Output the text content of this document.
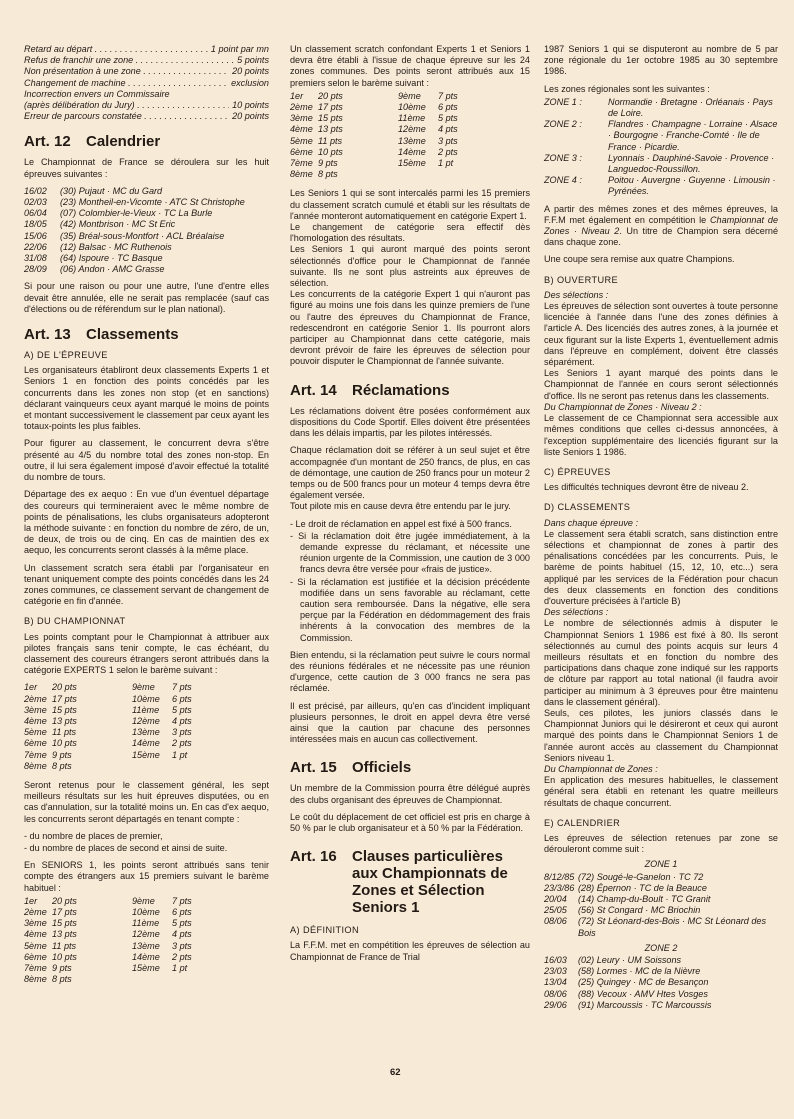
Retard au départ . . .	1 point par mn
Refus de franchir une zone . . .	5 points
Non présentation à une zone . . .	20 points
Changement de machine . . .	exclusion
Incorrection envers un Commissaire
(après délibération du Jury) . . .	10 points
Erreur de parcours constatée . . .	20 points
Art. 12 Calendrier

Le Championnat de France se déroulera sur les huit épreuves suivantes :

16/02	(30) Pujaut · MC du Gard
02/03	(23) Montheil-en-Vicomte · ATC St Christophe
06/04	(07) Colombier-le-Vieux · TC La Burle
18/05	(42) Montbrison · MC St Eric
15/06	(35) Bréal-sous-Montfort · ACL Bréalaise
22/06	(12) Balsac · MC Ruthenois
31/08	(64) Ispoure · TC Basque
28/09	(06) Andon · AMC Grasse

Si pour une raison ou pour une autre, l'une d'entre elles devait être annulée, elle ne serait pas remplacée (sauf cas d'élections ou de référendum sur le plan national).

Art. 13 Classements
A) DE L'ÉPREUVE

Les organisateurs établiront deux classements Experts 1 et Seniors 1 en fonction des points concédés par les concurrents dans les zones non stop (et en sanctions) déclarant vainqueurs ceux ayant marqué le moins de points et montant successivement le classement par ceux ayant les totaux-points les plus faibles.

Pour figurer au classement, le concurrent devra s'être présenté au 4/5 du nombre total des zones non-stop. En outre, il lui sera également imposé d'avoir effectué la totalité du nombre de tours.

Départage des ex aequo : En vue d'un éventuel départage des coureurs qui termineraient avec le même nombre de points de pénalisations, les clubs organisateurs adopteront la méthode suivante : en fonction du nombre de zéro, de un, de deux, de trois ou de cinq. En cas de maintien des ex aequo, les concurrents seront classés à la même place.

Un classement scratch sera établi par l'organisateur en tenant uniquement compte des points concédés dans les 24 zones communes, ce classement servant de changement de catégorie en fin d'année.

B) DU CHAMPIONNAT

Les points comptant pour le Championnat à attribuer aux pilotes français sans tenir compte, le cas échéant, du classement des coureurs étrangers seront attribués dans la catégorie EXPERTS 1 selon le barème suivant :

1er	20 pts	9ème	7 pts
2ème 17 pts	10ème	6 pts
3ème 15 pts	11ème	5 pts
4ème 13 pts	12ème	4 pts
5ème 11 pts	13ème	3 pts
6ème 10 pts	14ème	2 pts
7ème 9 pts	15ème	1 pt
8ème 8 pts

Seront retenus pour le classement général, les sept meilleurs résultats sur les huit épreuves disputées, ou en cas d'annulation, sur la totalité moins un. En cas d'ex aequo, les concurrents seront départagés en tenant compte :

- du nombre de places de premier,
- du nombre de places de second et ainsi de suite.

En SENIORS 1, les points seront attribués sans tenir compte des étrangers aux 15 premiers suivant le barème habituel :

1er	20 pts	9ème	7 pts
2ème 17 pts	10ème	6 pts
3ème 15 pts	11ème	5 pts
4ème 13 pts	12ème	4 pts
5ème 11 pts	13ème	3 pts
6ème 10 pts	14ème	2 pts
7ème 9 pts	15ème	1 pt
8ème 8 pts

Un classement scratch confondant Experts 1 et Seniors 1 devra être établi à l'issue de chaque épreuve sur les 24 zones communes. Des points seront attribués aux 15 premiers selon le barème suivant :

1er	20 pts	9ème	7 pts
2ème 17 pts	10ème	6 pts
3ème 15 pts	11ème	5 pts
4ème 13 pts	12ème	4 pts
5ème 11 pts	13ème	3 pts
6ème 10 pts	14ème	2 pts
7ème 9 pts	15ème	1 pt
8ème 8 pts

Les Seniors 1 qui se sont intercalés parmi les 15 premiers du classement scratch cumulé et établi sur les résultats de l'année monteront automatiquement en catégorie Expert 1.

Le changement de catégorie sera effectif dès l'homologation des résultats.

Les Seniors 1 qui auront marqué des points seront sélectionnés d'office pour le Championnat de l'année suivante. Ils ne sont plus astreints aux épreuves de sélection.

Les concurrents de la catégorie Expert 1 qui n'auront pas figuré au moins une fois dans les quinze premiers de l'une ou l'autre des épreuves du Championnat de France, redescendront en catégorie Senior 1. Ils pourront alors participer au Championnat dans cette catégorie, mais devront prévoir de faire les épreuves de sélection pour pouvoir disputer le Championnat de l'année suivante.

Art. 14 Réclamations

Les réclamations doivent être posées conformément aux dispositions du Code Sportif. Elles doivent être présentées dans les délais impartis, par les pilotes intéressés.

Chaque réclamation doit se référer à un seul sujet et être accompagnée d'un montant de 250 francs, de plus, en cas de démontage, une caution de 250 francs pour un moteur 2 temps ou de 500 francs pour un moteur 4 temps devra être également versée.

Tout pilote mis en cause devra être entendu par le jury.

- Le droit de réclamation en appel est fixé à 500 francs.
- Si la réclamation doit être jugée immédiatement, à la demande expresse du réclamant, et nécessite une réunion urgente de la Commission, une caution de 3 000 francs devra être versée pour «frais de justice».
- Si la réclamation est justifiée et la décision précédente modifiée dans un sens favorable au réclamant, cette caution sera remboursée. Dans la négative, elle sera perçue par la Fédération en dédommagement des frais inhérents à la convocation des membres de la Commission.

Bien entendu, si la réclamation peut suivre le cours normal des réunions fédérales et ne nécessite pas une réunion d'urgence, cette caution de 3 000 francs ne sera pas réclamée.

Il est précisé, par ailleurs, qu'en cas d'incident impliquant plusieurs personnes, le droit en appel devra être versé ainsi que la caution par chacune des personnes intéressées mais en aucun cas collectivement.

Art. 15 Officiels

Un membre de la Commission pourra être délégué auprès des clubs organisant des épreuves de Championnat.

Le coût du déplacement de cet officiel est pris en charge à 50 % par le club organisateur et à 50 % par la Fédération.

Art. 16	Clauses particulières aux Championnats de Zones et Sélection Seniors 1
A) DÉFINITION

La F.F.M. met en compétition les épreuves de sélection au Championnat de France de Trial

1987 Seniors 1 qui se disputeront au nombre de 5 par zone régionale du 1er octobre 1985 au 30 septembre 1986.

Les zones régionales sont les suivantes :

ZONE 1 :	Normandie · Bretagne · Orléanais · Pays de Loire.
ZONE 2 :	Flandres · Champagne · Lorraine · Alsace · Bourgogne · Franche-Comté · Ile de France · Picardie.
ZONE 3 :	Lyonnais · Dauphiné-Savoie · Provence · Languedoc-Roussillon.
ZONE 4 :	Poitou · Auvergne · Guyenne · Limousin · Pyrénées.

A partir des mêmes zones et des mêmes épreuves, la F.F.M met également en compétition le Championnat de Zones · Niveau 2. Un titre de Champion sera décerné dans chaque zone.

Une coupe sera remise aux quatre Champions.

B) OUVERTURE
Des sélections :

Les épreuves de sélection sont ouvertes à toute personne licenciée à l'année dans l'une des zones définies à l'article A. Des licenciés des autres zones, à la journée et ceux figurant sur la liste Experts 1, éventuellement admis dans l'épreuve en complément, doivent être classés séparément.

Les Seniors 1 ayant marqué des points dans le Championnat de l'année en cours seront sélectionnés d'office. Ils ne seront pas retenus dans les classements.

Du Championnat de Zones · Niveau 2 :

Le classement de ce Championnat sera accessible aux mêmes conditions que celles ci-dessus annoncées, à l'exception supplémentaire des licenciés figurant sur la liste Seniors 1 1986.

C) ÉPREUVES

Les difficultés techniques devront être de niveau 2.

D) CLASSEMENTS
Dans chaque épreuve :

Le classement sera établi scratch, sans distinction entre sélections et championnat de zones à partir des pénalisations concédées par les concurrents. Puis, le barème de points habituel (15, 12, 10, etc...) sera appliqué par les services de la Fédération pour chacun des deux classements en fonction des conditions d'ouverture précisées à l'article B)

Des sélections :

Le nombre de sélectionnés admis à disputer le Championnat Seniors 1 1986 est fixé à 80. Ils seront sélectionnés au cumul des points acquis sur leurs 4 meilleurs résultats et en fonction du nombre des participations dans chaque zone indiqué sur les rapports de clôture par rapport au total national (il faudra avoir participer au minimum à 3 épreuves pour être maintenu dans le classement général).

Seuls, ces pilotes, les juniors classés dans le Championnat Juniors qui le désireront et ceux qui auront marqué des points dans le Championnat Seniors 1 de l'année auront accès au classement du Championnat Seniors niveau 1.

Du Championnat de Zones :

En application des mesures habituelles, le classement général sera établi en retenant les quatre meilleurs résultats de chaque concurrent.

E) CALENDRIER

Les épreuves de sélection retenues par zone se dérouleront comme suit :

ZONE 1
8/12/85 (72) Sougé-le-Ganelon · TC 72
23/3/86 (28) Épernon · TC de la Beauce
20/04	(14) Champ-du-Boult · TC Granit
25/05	(56) St Congard · MC Briochin
08/06	(72) St Léonard-des-Bois · MC St Léonard des Bois
ZONE 2
16/03	(02) Leury · UM Soissons
23/03	(58) Lormes · MC de la Nièvre
13/04	(25) Quingey · MC de Besançon
08/06	(88) Vecoux · AMV Htes Vosges
29/06	(91) Marcoussis · TC Marcoussis
62
